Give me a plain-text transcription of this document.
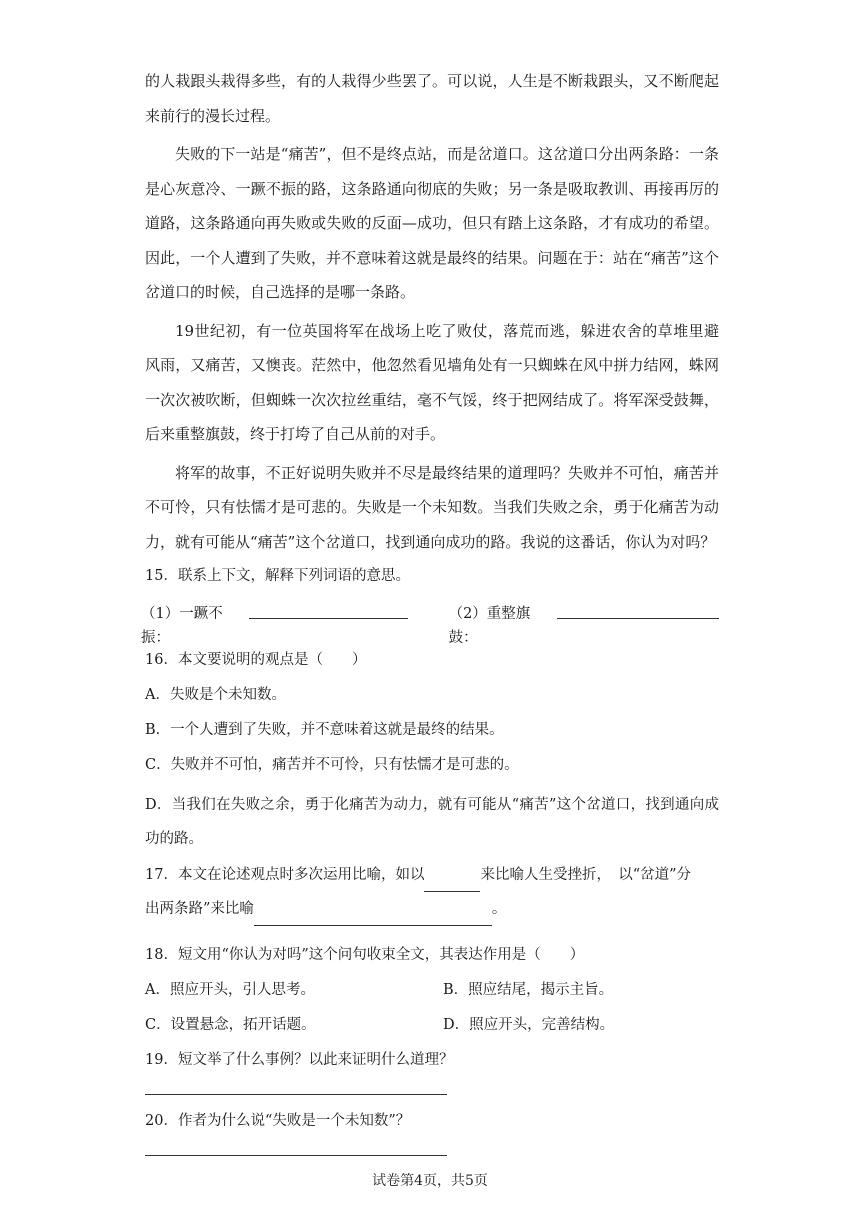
的人栽跟头栽得多些，有的人栽得少些罢了。可以说，人生是不断栽跟头，又不断爬起来前行的漫长过程。

失败的下一站是“痛苦”，但不是终点站，而是岔道口。这岔道口分出两条路：一条是心灰意冷、一蹶不振的路，这条路通向彻底的失败；另一条是吸取教训、再接再厉的道路，这条路通向再失败或失败的反面—成功，但只有踏上这条路，才有成功的希望。因此，一个人遭到了失败，并不意味着这就是最终的结果。问题在于：站在“痛苦”这个岔道口的时候，自己选择的是哪一条路。

19世纪初，有一位英国将军在战场上吃了败仗，落荒而逃，躲进农舍的草堆里避风雨，又痛苦，又懊丧。茫然中，他忽然看见墙角处有一只蜘蛛在风中拼力结网，蛛网一次次被吹断，但蜘蛛一次次拉丝重结，毫不气馁，终于把网结成了。将军深受鼓舞，后来重整旗鼓，终于打垮了自己从前的对手。

将军的故事，不正好说明失败并不尽是最终结果的道理吗？失败并不可怕，痛苦并不可怜，只有怯懦才是可悲的。失败是一个未知数。当我们失败之余，勇于化痛苦为动力，就有可能从“痛苦”这个岔道口，找到通向成功的路。我说的这番话，你认为对吗？

15．联系上下文，解释下列词语的意思。

（1）一蹶不振：
（2）重整旗鼓：

16．本文要说明的观点是（　　）

A．失败是个未知数。

B．一个人遭到了失败，并不意味着这就是最终的结果。

C．失败并不可怕，痛苦并不可怜，只有怯懦才是可悲的。

D．当我们在失败之余，勇于化痛苦为动力，就有可能从“痛苦”这个岔道口，找到通向成功的路。

17．本文在论述观点时多次运用比喻，如以	来比喻人生受挫折，　以“岔道”分
出两条路”来比喻	。

18．短文用“你认为对吗”这个问句收束全文，其表达作用是（　　）

A．照应开头，引人思考。	B．照应结尾，揭示主旨。
C．设置悬念，拓开话题。	D．照应开头，完善结构。

19．短文举了什么事例？以此来证明什么道理？

20．作者为什么说“失败是一个未知数”？

试卷第4页，共5页
